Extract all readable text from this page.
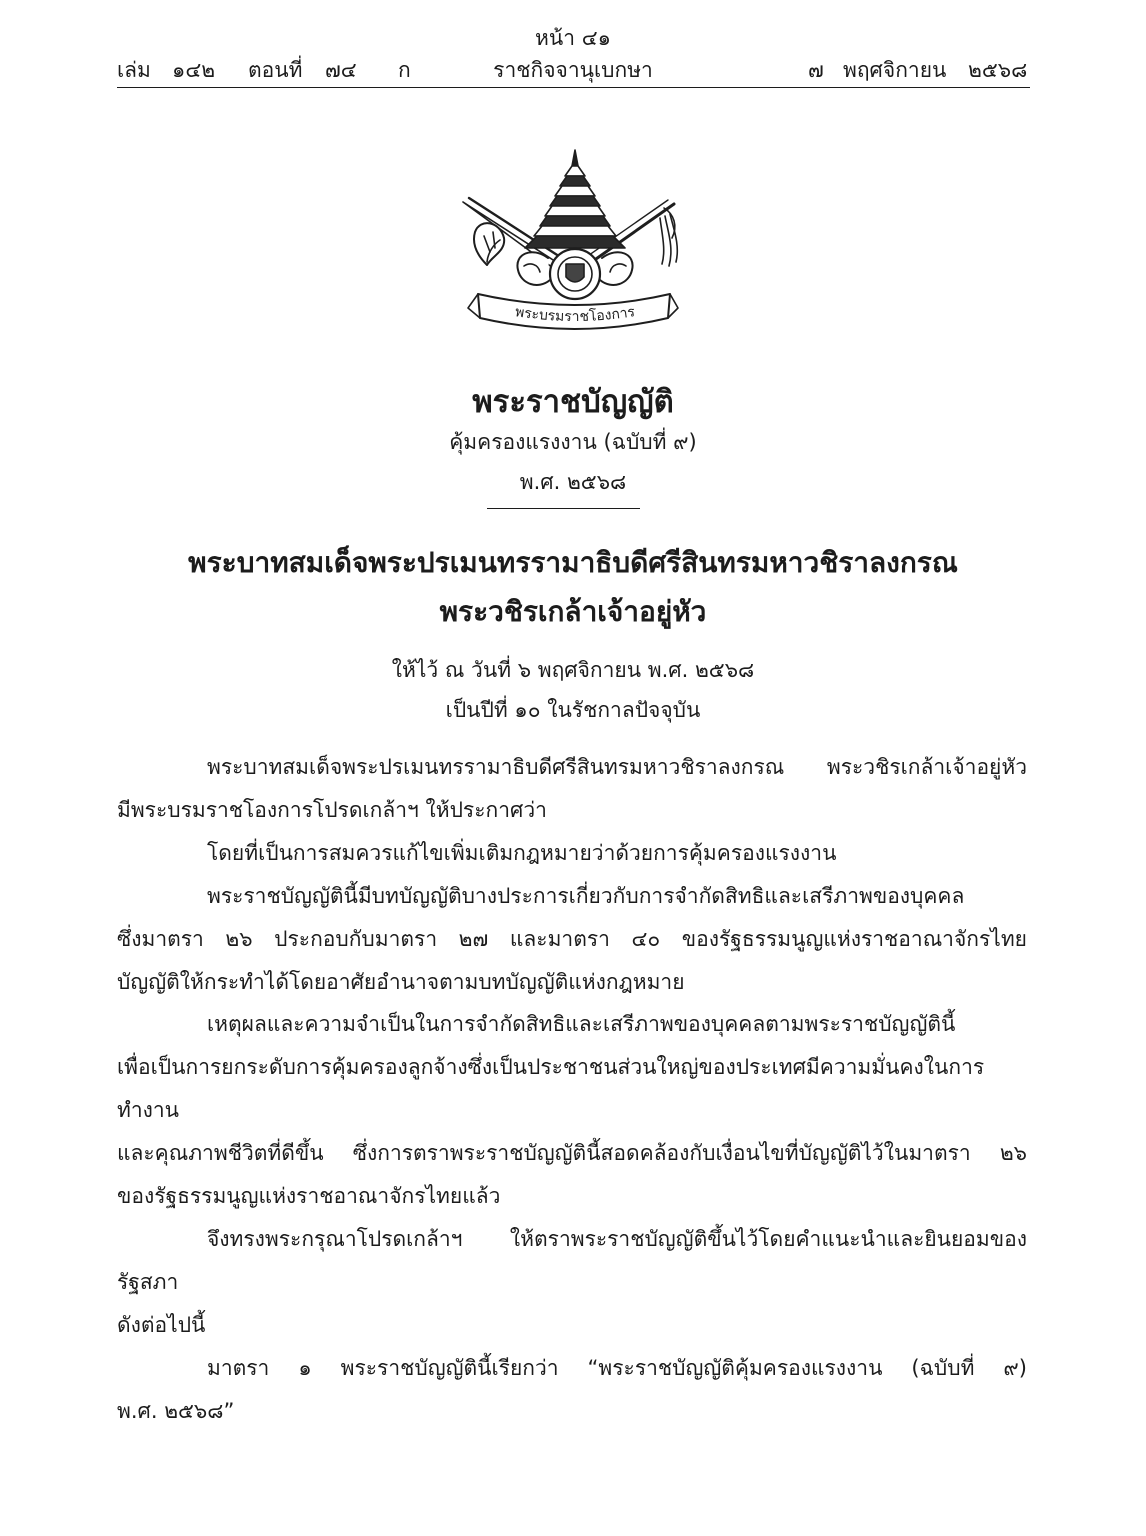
หน้า ๔๑
เล่ม ๑๔๒ ตอนที่ ๗๔ ก	ราชกิจจานุเบกษา	๗ พฤศจิกายน ๒๕๖๘
พระบรมราชโองการ
พระราชบัญญัติ
คุ้มครองแรงงาน (ฉบับที่ ๙)
พ.ศ. ๒๕๖๘
พระบาทสมเด็จพระปรเมนทรรามาธิบดีศรีสินทรมหาวชิราลงกรณ
พระวชิรเกล้าเจ้าอยู่หัว
ให้ไว้ ณ วันที่ ๖ พฤศจิกายน พ.ศ. ๒๕๖๘
เป็นปีที่ ๑๐ ในรัชกาลปัจจุบัน
พระบาทสมเด็จพระปรเมนทรรามาธิบดีศรีสินทรมหาวชิราลงกรณ พระวชิรเกล้าเจ้าอยู่หัว
มีพระบรมราชโองการโปรดเกล้าฯ ให้ประกาศว่า
โดยที่เป็นการสมควรแก้ไขเพิ่มเติมกฎหมายว่าด้วยการคุ้มครองแรงงาน
พระราชบัญญัตินี้มีบทบัญญัติบางประการเกี่ยวกับการจำกัดสิทธิและเสรีภาพของบุคคล
ซึ่งมาตรา ๒๖ ประกอบกับมาตรา ๒๗ และมาตรา ๔๐ ของรัฐธรรมนูญแห่งราชอาณาจักรไทย
บัญญัติให้กระทำได้โดยอาศัยอำนาจตามบทบัญญัติแห่งกฎหมาย
เหตุผลและความจำเป็นในการจำกัดสิทธิและเสรีภาพของบุคคลตามพระราชบัญญัตินี้
เพื่อเป็นการยกระดับการคุ้มครองลูกจ้างซึ่งเป็นประชาชนส่วนใหญ่ของประเทศมีความมั่นคงในการทำงาน
และคุณภาพชีวิตที่ดีขึ้น ซึ่งการตราพระราชบัญญัตินี้สอดคล้องกับเงื่อนไขที่บัญญัติไว้ในมาตรา ๒๖
ของรัฐธรรมนูญแห่งราชอาณาจักรไทยแล้ว
จึงทรงพระกรุณาโปรดเกล้าฯ ให้ตราพระราชบัญญัติขึ้นไว้โดยคำแนะนำและยินยอมของรัฐสภา
ดังต่อไปนี้
มาตรา ๑ พระราชบัญญัตินี้เรียกว่า “พระราชบัญญัติคุ้มครองแรงงาน (ฉบับที่ ๙)
พ.ศ. ๒๕๖๘”
